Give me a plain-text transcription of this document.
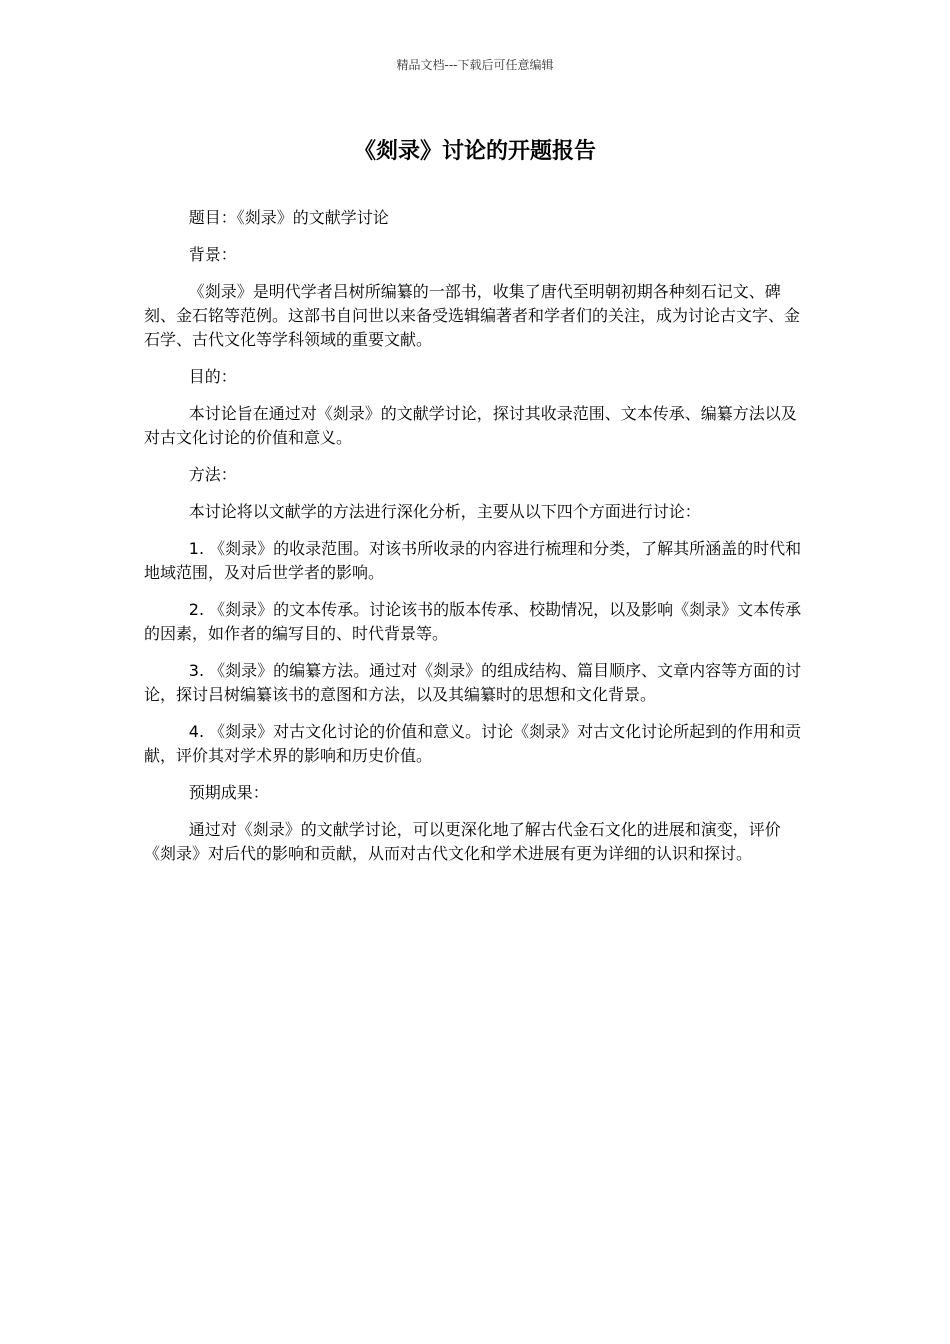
精品文档---下载后可任意编辑
《剡录》讨论的开题报告

题目：《剡录》的文献学讨论

背景：

《剡录》是明代学者吕树所编纂的一部书，收集了唐代至明朝初期各种刻石记文、碑刻、金石铭等范例。这部书自问世以来备受选辑编著者和学者们的关注，成为讨论古文字、金石学、古代文化等学科领域的重要文献。

目的：

本讨论旨在通过对《剡录》的文献学讨论，探讨其收录范围、文本传承、编纂方法以及对古文化讨论的价值和意义。

方法：

本讨论将以文献学的方法进行深化分析，主要从以下四个方面进行讨论：

1. 《剡录》的收录范围。对该书所收录的内容进行梳理和分类，了解其所涵盖的时代和地域范围，及对后世学者的影响。

2. 《剡录》的文本传承。讨论该书的版本传承、校勘情况，以及影响《剡录》文本传承的因素，如作者的编写目的、时代背景等。

3. 《剡录》的编纂方法。通过对《剡录》的组成结构、篇目顺序、文章内容等方面的讨论，探讨吕树编纂该书的意图和方法，以及其编纂时的思想和文化背景。

4. 《剡录》对古文化讨论的价值和意义。讨论《剡录》对古文化讨论所起到的作用和贡献，评价其对学术界的影响和历史价值。

预期成果：

通过对《剡录》的文献学讨论，可以更深化地了解古代金石文化的进展和演变，评价《剡录》对后代的影响和贡献，从而对古代文化和学术进展有更为详细的认识和探讨。
